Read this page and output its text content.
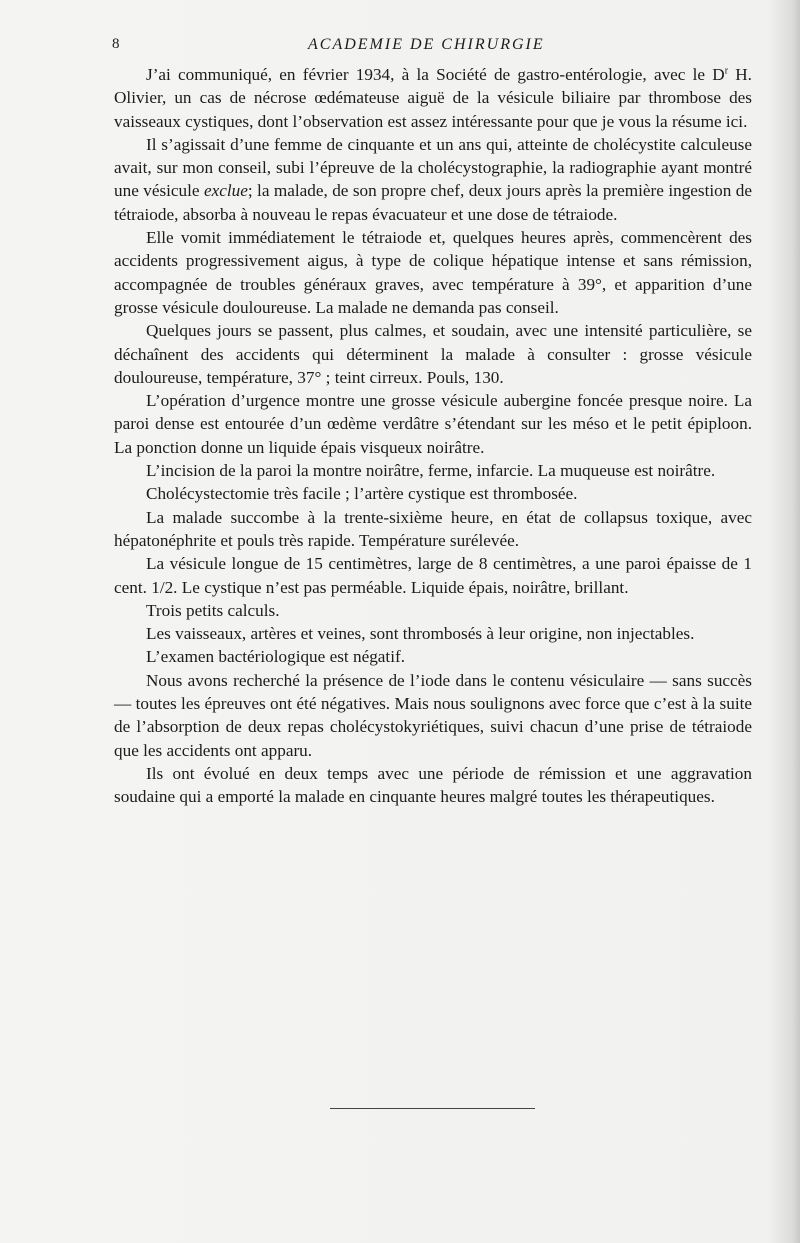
8	ACADEMIE DE CHIRURGIE

J’ai communiqué, en février 1934, à la Société de gastro-entérologie, avec le $D^r$ H. Olivier, un cas de nécrose œdémateuse aiguë de la vésicule biliaire par thrombose des vaisseaux cystiques, dont l’observation est assez intéressante pour que je vous la résume ici.

Il s’agissait d’une femme de cinquante et un ans qui, atteinte de cholécystite calculeuse avait, sur mon conseil, subi l’épreuve de la cholécystographie, la radiographie ayant montré une vésicule exclue; la malade, de son propre chef, deux jours après la première ingestion de tétraiode, absorba à nouveau le repas évacuateur et une dose de tétraiode.

Elle vomit immédiatement le tétraiode et, quelques heures après, commencèrent des accidents progressivement aigus, à type de colique hépatique intense et sans rémission, accompagnée de troubles généraux graves, avec température à 39°, et apparition d’une grosse vésicule douloureuse. La malade ne demanda pas conseil.

Quelques jours se passent, plus calmes, et soudain, avec une intensité particulière, se déchaînent des accidents qui déterminent la malade à consulter : grosse vésicule douloureuse, température, 37° ; teint cirreux. Pouls, 130.

L’opération d’urgence montre une grosse vésicule aubergine foncée presque noire. La paroi dense est entourée d’un œdème verdâtre s’étendant sur les méso et le petit épiploon. La ponction donne un liquide épais visqueux noirâtre.

L’incision de la paroi la montre noirâtre, ferme, infarcie. La muqueuse est noirâtre.

Cholécystectomie très facile ; l’artère cystique est thrombosée.

La malade succombe à la trente-sixième heure, en état de collapsus toxique, avec hépatonéphrite et pouls très rapide. Température surélevée.

La vésicule longue de 15 centimètres, large de 8 centimètres, a une paroi épaisse de 1 cent. 1/2. Le cystique n’est pas perméable. Liquide épais, noirâtre, brillant.

Trois petits calculs.

Les vaisseaux, artères et veines, sont thrombosés à leur origine, non injectables.

L’examen bactériologique est négatif.

Nous avons recherché la présence de l’iode dans le contenu vésiculaire — sans succès — toutes les épreuves ont été négatives. Mais nous soulignons avec force que c’est à la suite de l’absorption de deux repas cholécystokyriétiques, suivi chacun d’une prise de tétraiode que les accidents ont apparu.

Ils ont évolué en deux temps avec une période de rémission et une aggravation soudaine qui a emporté la malade en cinquante heures malgré toutes les thérapeutiques.
